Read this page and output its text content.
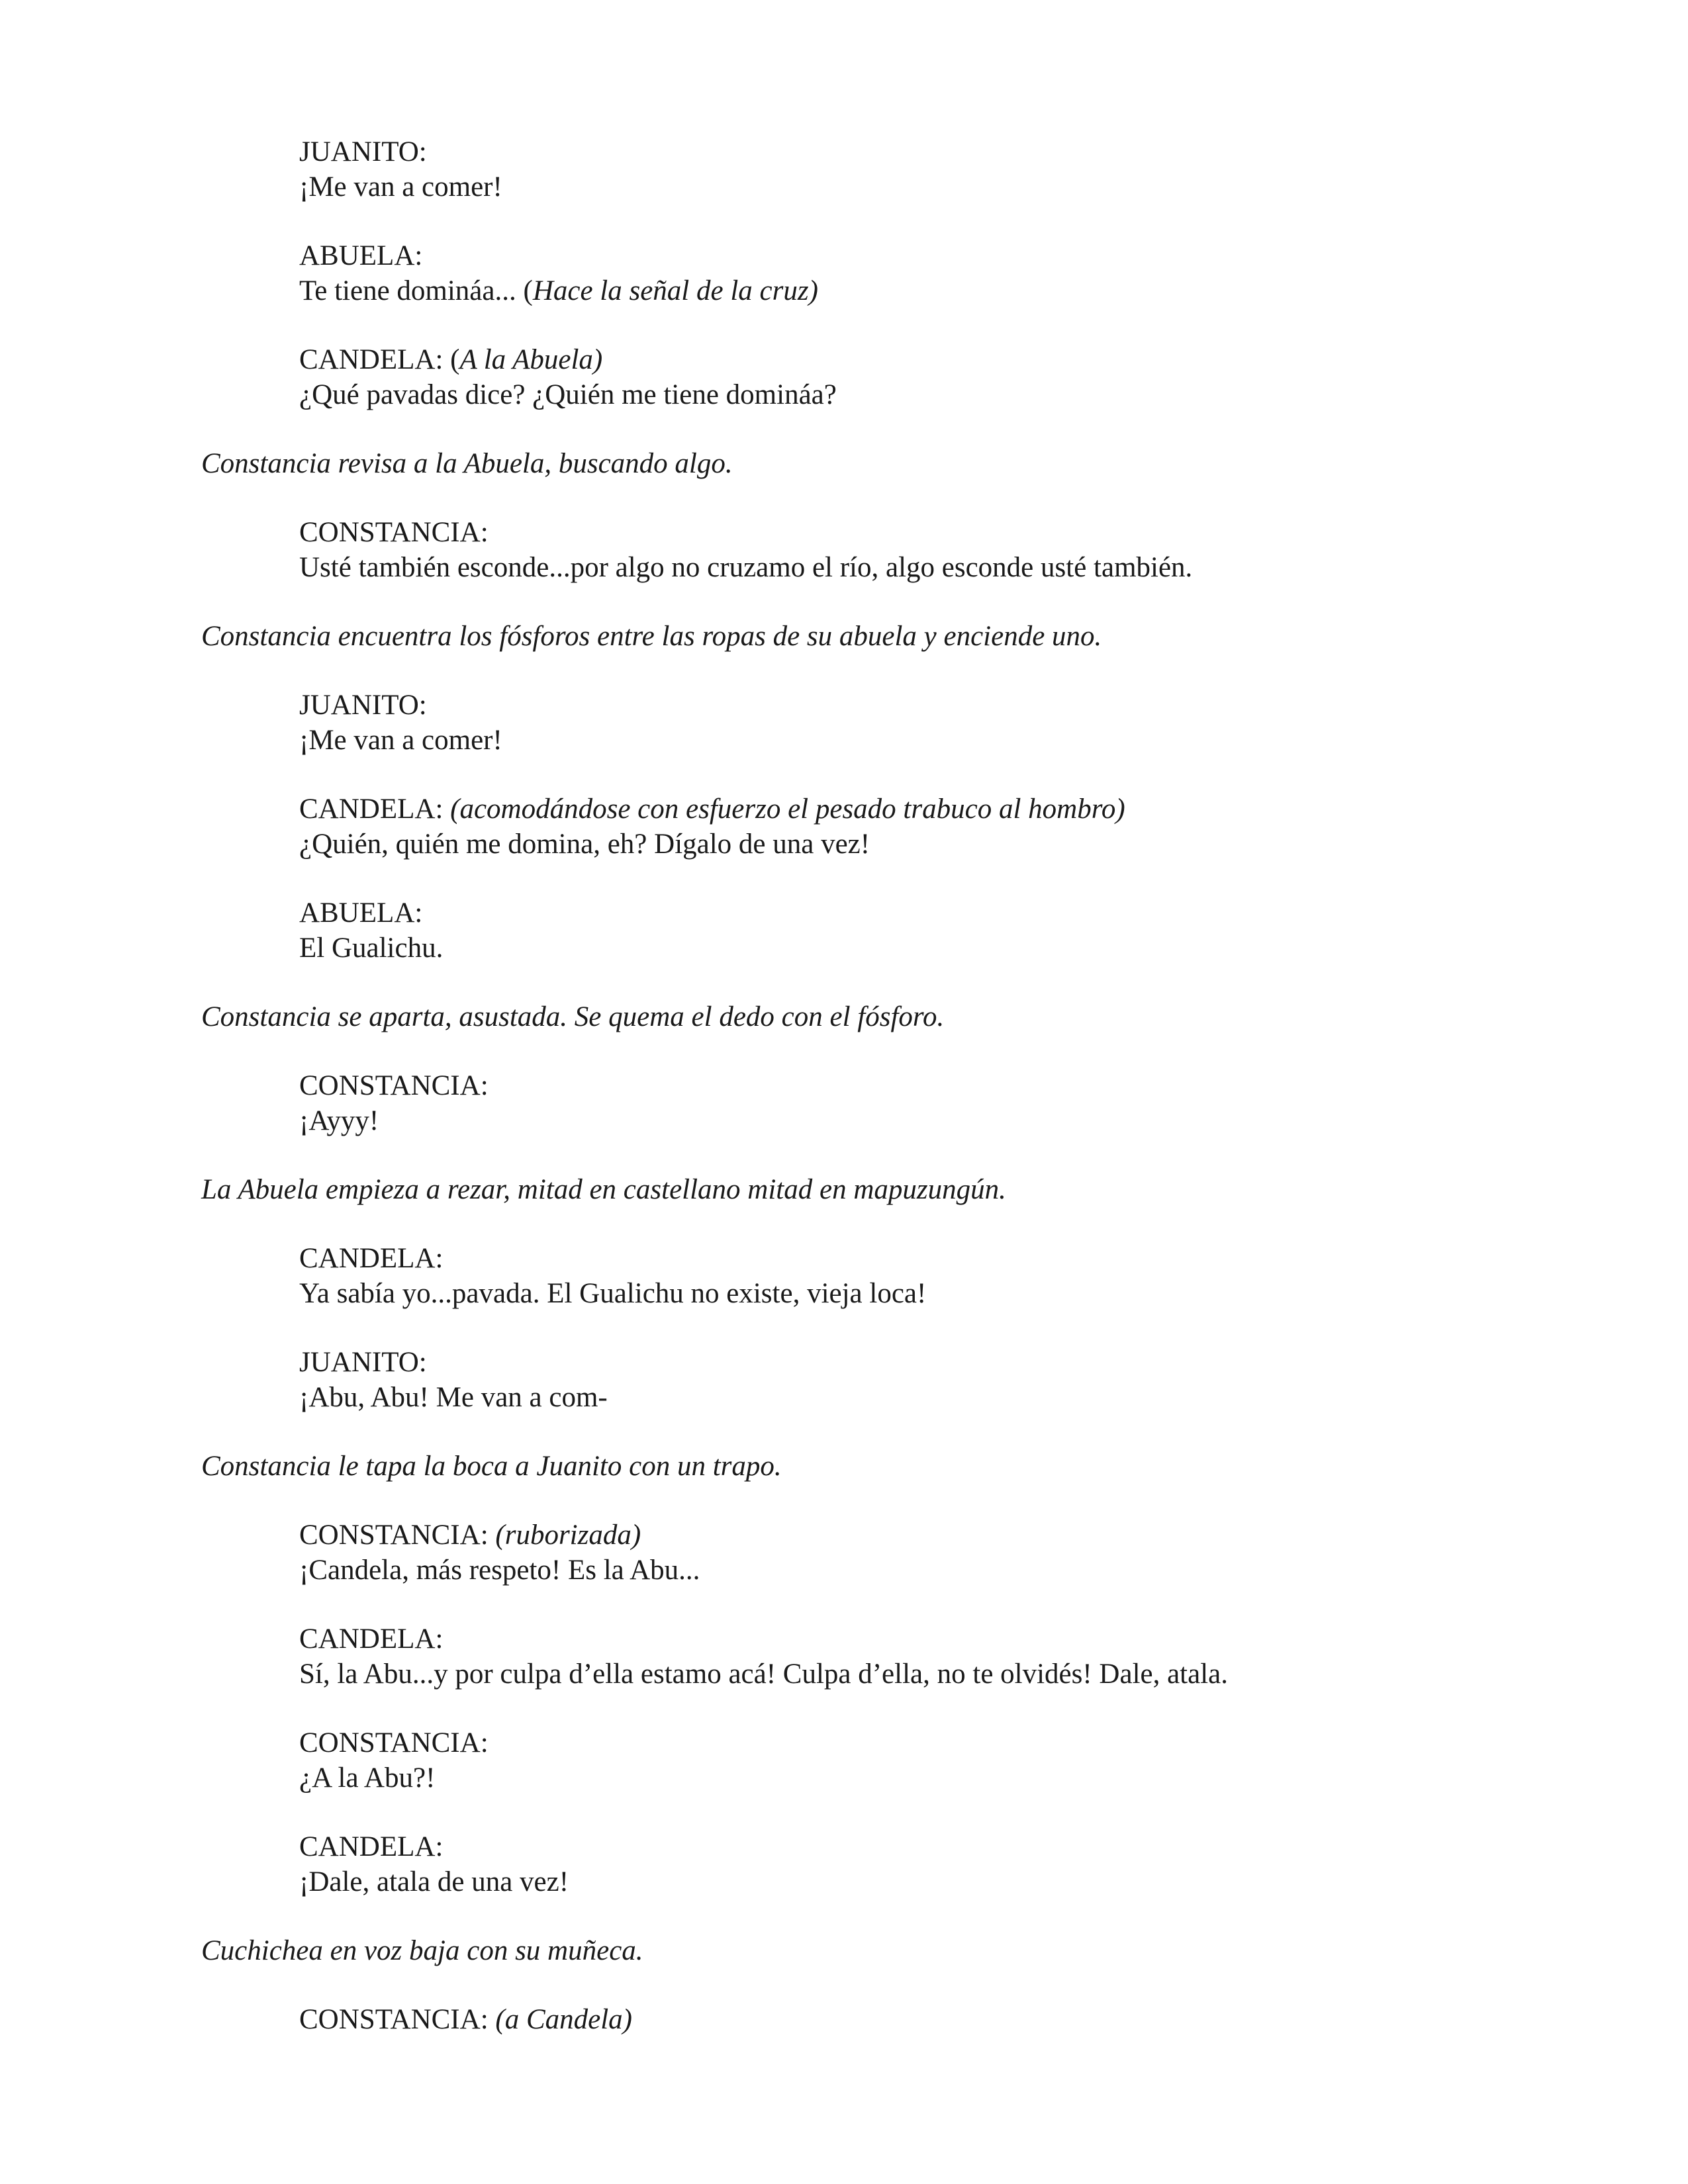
JUANITO:
¡Me van a comer!
ABUELA:
Te tiene domináa... (Hace la señal de la cruz)
CANDELA: (A la Abuela)
¿Qué pavadas dice? ¿Quién me tiene domináa?
Constancia revisa a la Abuela, buscando algo.
CONSTANCIA:
Usté también esconde...por algo no cruzamo el río, algo esconde usté también.
Constancia encuentra los fósforos entre las ropas de su abuela y enciende uno.
JUANITO:
¡Me van a comer!
CANDELA: (acomodándose con esfuerzo el pesado trabuco al hombro)
¿Quién, quién me domina, eh? Dígalo de una vez!
ABUELA:
El Gualichu.
Constancia se aparta, asustada. Se quema el dedo con el fósforo.
CONSTANCIA:
¡Ayyy!
La Abuela empieza a rezar, mitad en castellano mitad en mapuzungún.
CANDELA:
Ya sabía yo...pavada. El Gualichu no existe, vieja loca!
JUANITO:
¡Abu, Abu! Me van a com-
Constancia le tapa la boca a Juanito con un trapo.
CONSTANCIA: (ruborizada)
¡Candela, más respeto! Es la Abu...
CANDELA:
Sí, la Abu...y por culpa d’ella estamo acá! Culpa d’ella, no te olvidés! Dale, atala.
CONSTANCIA:
¿A la Abu?!
CANDELA:
¡Dale, atala de una vez!
Cuchichea en voz baja con su muñeca.
CONSTANCIA: (a Candela)
